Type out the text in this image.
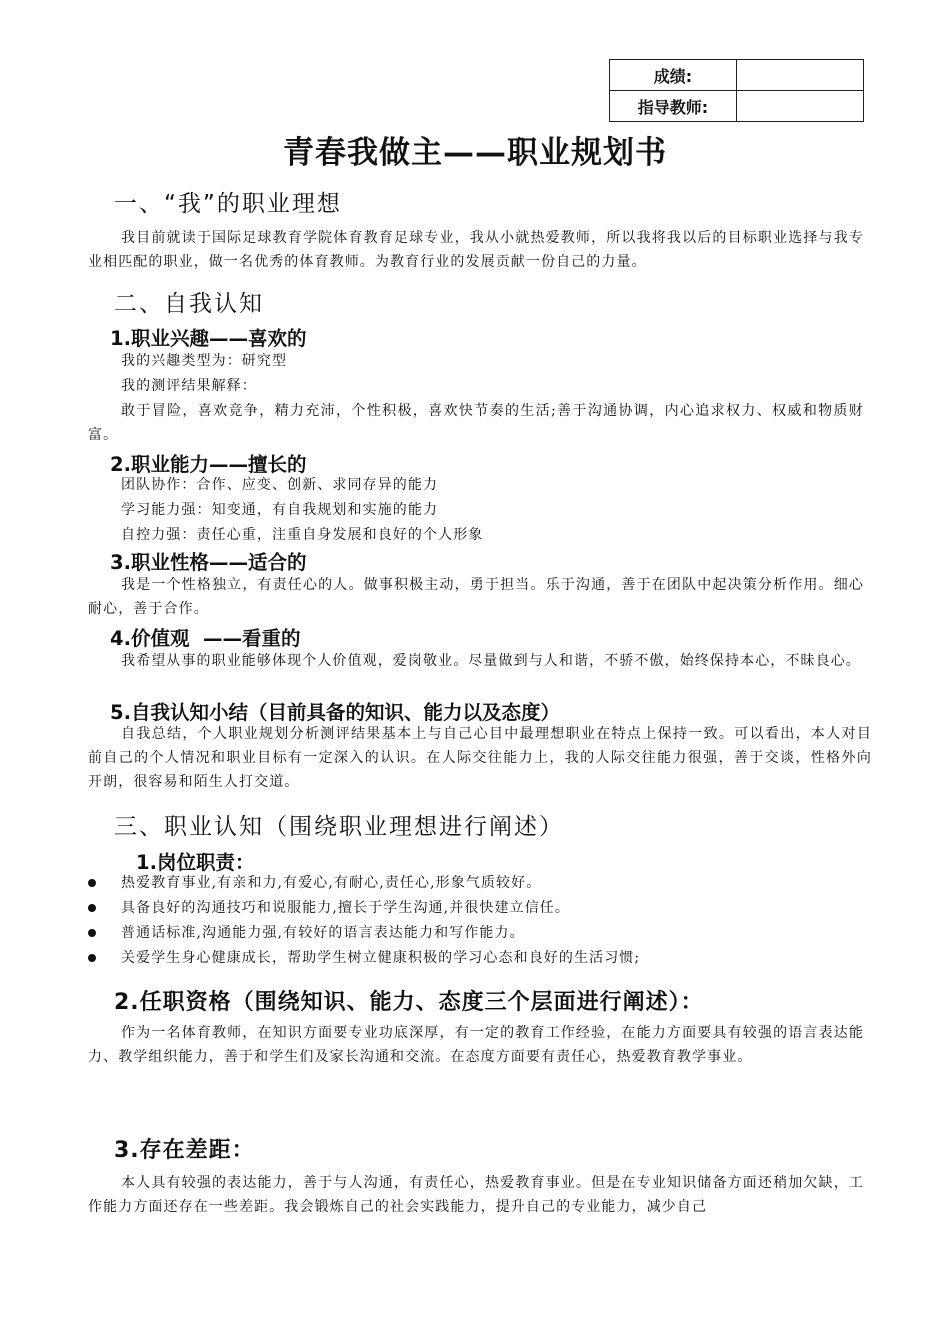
成绩:	
指导教师:	
青春我做主——职业规划书
一、“我”的职业理想
我目前就读于国际足球教育学院体育教育足球专业，我从小就热爱教师，所以我将我以后的目标职业选择与我专业相匹配的职业，做一名优秀的体育教师。为教育行业的发展贡献一份自己的力量。
二、自我认知
1.职业兴趣——喜欢的
我的兴趣类型为：研究型
我的测评结果解释：
敢于冒险，喜欢竞争，精力充沛，个性积极，喜欢快节奏的生活;善于沟通协调，内心追求权力、权威和物质财富。
2.职业能力——擅长的
团队协作：合作、应变、创新、求同存异的能力
学习能力强：知变通，有自我规划和实施的能力
自控力强：责任心重，注重自身发展和良好的个人形象
3.职业性格——适合的
我是一个性格独立，有责任心的人。做事积极主动，勇于担当。乐于沟通，善于在团队中起决策分析作用。细心耐心，善于合作。
4.价值观  ——看重的
我希望从事的职业能够体现个人价值观，爱岗敬业。尽量做到与人和谐，不骄不傲，始终保持本心，不昧良心。
5.自我认知小结（目前具备的知识、能力以及态度）
自我总结，个人职业规划分析测评结果基本上与自己心目中最理想职业在特点上保持一致。可以看出，本人对目前自己的个人情况和职业目标有一定深入的认识。在人际交往能力上，我的人际交往能力很强，善于交谈，性格外向开朗，很容易和陌生人打交道。
三、职业认知（围绕职业理想进行阐述）
1.岗位职责：
热爱教育事业,有亲和力,有爱心,有耐心,责任心,形象气质较好。
具备良好的沟通技巧和说服能力,擅长于学生沟通,并很快建立信任。
普通话标准,沟通能力强,有较好的语言表达能力和写作能力。
关爱学生身心健康成长，帮助学生树立健康积极的学习心态和良好的生活习惯;
2.任职资格（围绕知识、能力、态度三个层面进行阐述）：
作为一名体育教师，在知识方面要专业功底深厚，有一定的教育工作经验，在能力方面要具有较强的语言表达能力、教学组织能力，善于和学生们及家长沟通和交流。在态度方面要有责任心，热爱教育教学事业。
3.存在差距：
本人具有较强的表达能力，善于与人沟通，有责任心，热爱教育事业。但是在专业知识储备方面还稍加欠缺，工作能力方面还存在一些差距。我会锻炼自己的社会实践能力，提升自己的专业能力，减少自己
